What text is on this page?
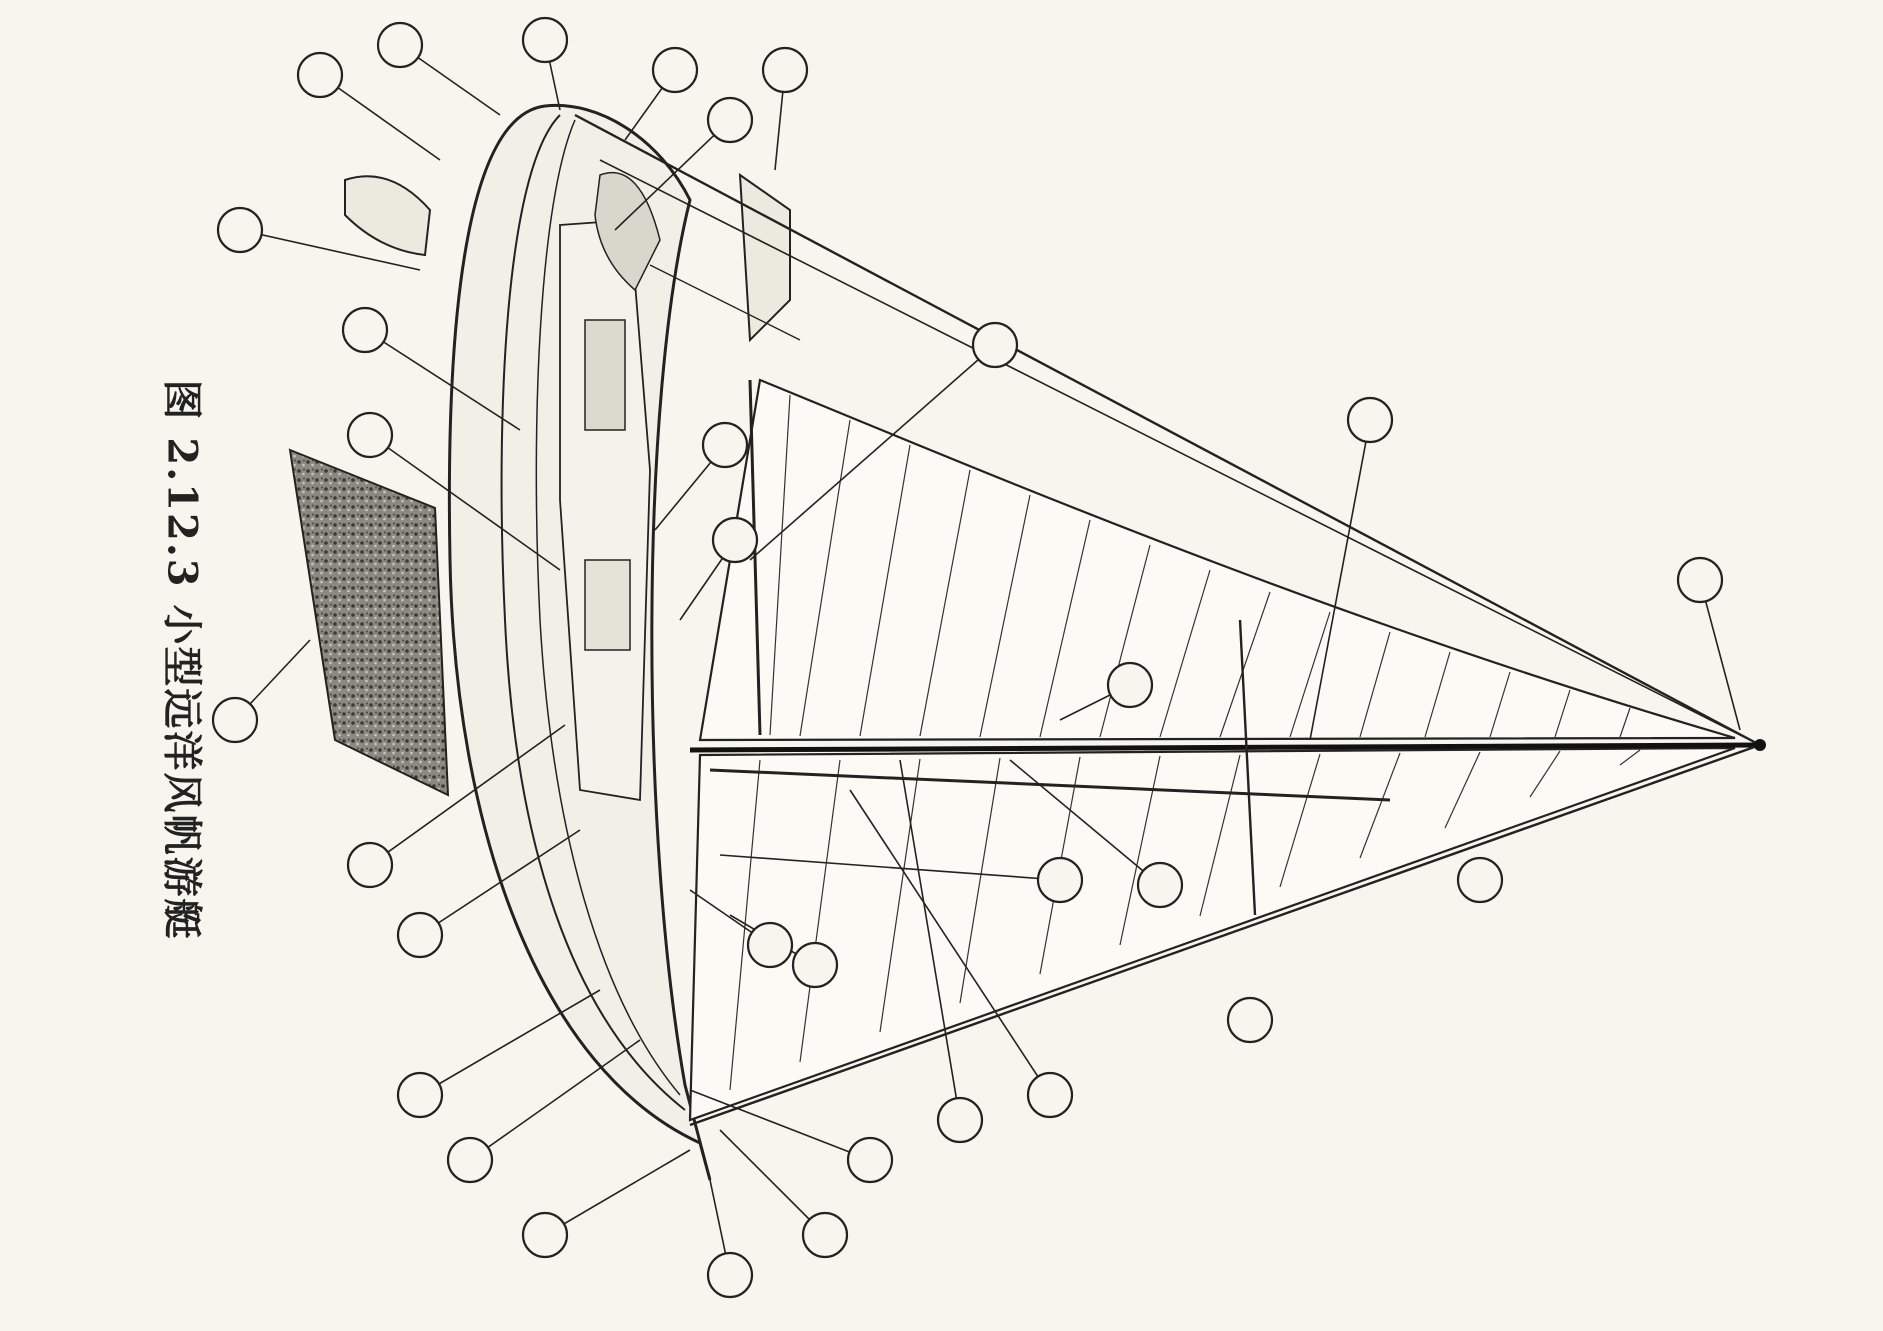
图 2.12.3 小型远洋风帆游艇
